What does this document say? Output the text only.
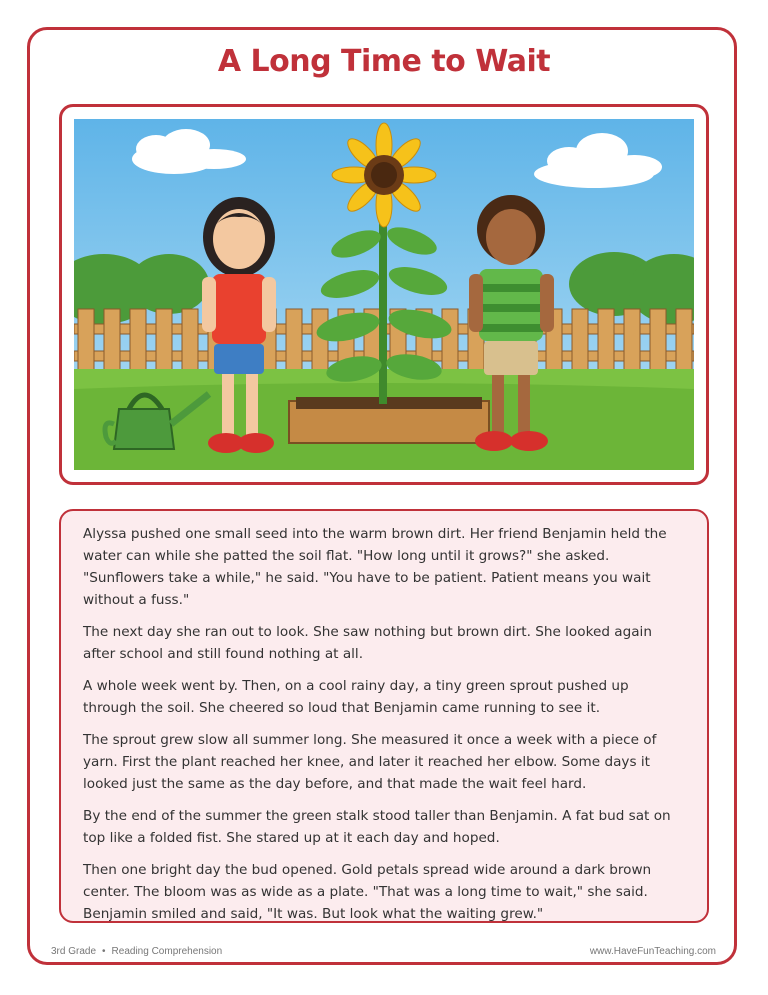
A Long Time to Wait

Alyssa pushed one small seed into the warm brown dirt. Her friend Benjamin held the water can while she patted the soil flat. "How long until it grows?" she asked. "Sunflowers take a while," he said. "You have to be patient. Patient means you wait without a fuss."

The next day she ran out to look. She saw nothing but brown dirt. She looked again after school and still found nothing at all.

A whole week went by. Then, on a cool rainy day, a tiny green sprout pushed up through the soil. She cheered so loud that Benjamin came running to see it.

The sprout grew slow all summer long. She measured it once a week with a piece of yarn. First the plant reached her knee, and later it reached her elbow. Some days it looked just the same as the day before, and that made the wait feel hard.

By the end of the summer the green stalk stood taller than Benjamin. A fat bud sat on top like a folded fist. She stared up at it each day and hoped.

Then one bright day the bud opened. Gold petals spread wide around a dark brown center. The bloom was as wide as a plate. "That was a long time to wait," she said. Benjamin smiled and said, "It was. But look what the waiting grew."

3rd Grade • Reading Comprehension	www.HaveFunTeaching.com
